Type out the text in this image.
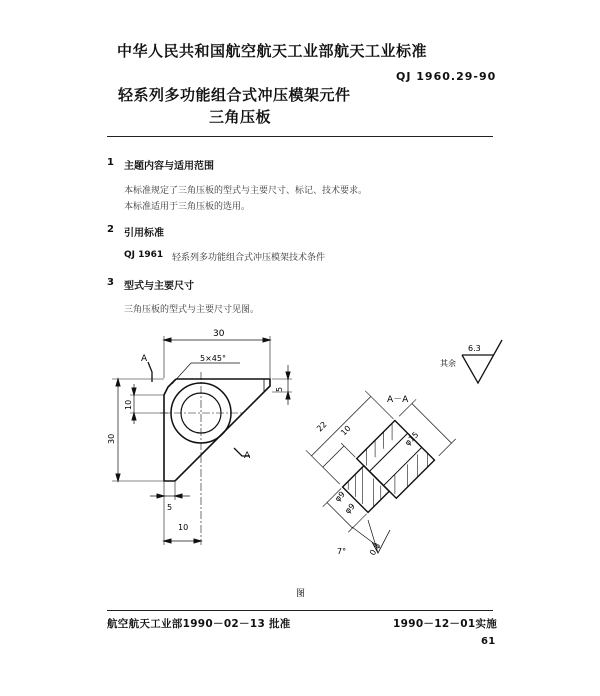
中华人民共和国航空航天工业部航天工业标准
QJ 1960.29-90
轻系列多功能组合式冲压模架元件
三角压板
1 主题内容与适用范围
本标准规定了三角压板的型式与主要尺寸、标记、技术要求。
本标准适用于三角压板的选用。
2 引用标准
QJ 1961 轻系列多功能组合式冲压模架技术条件
3 型式与主要尺寸
三角压板的型式与主要尺寸见图。
30
5×45°
5
10
30
5
10
A
A
A－A
22 10	φ15
φ9
φ9
7°	0.8
其余
6.3
图
航空航天工业部1990－02－13 批准	1990－12－01实施
61
